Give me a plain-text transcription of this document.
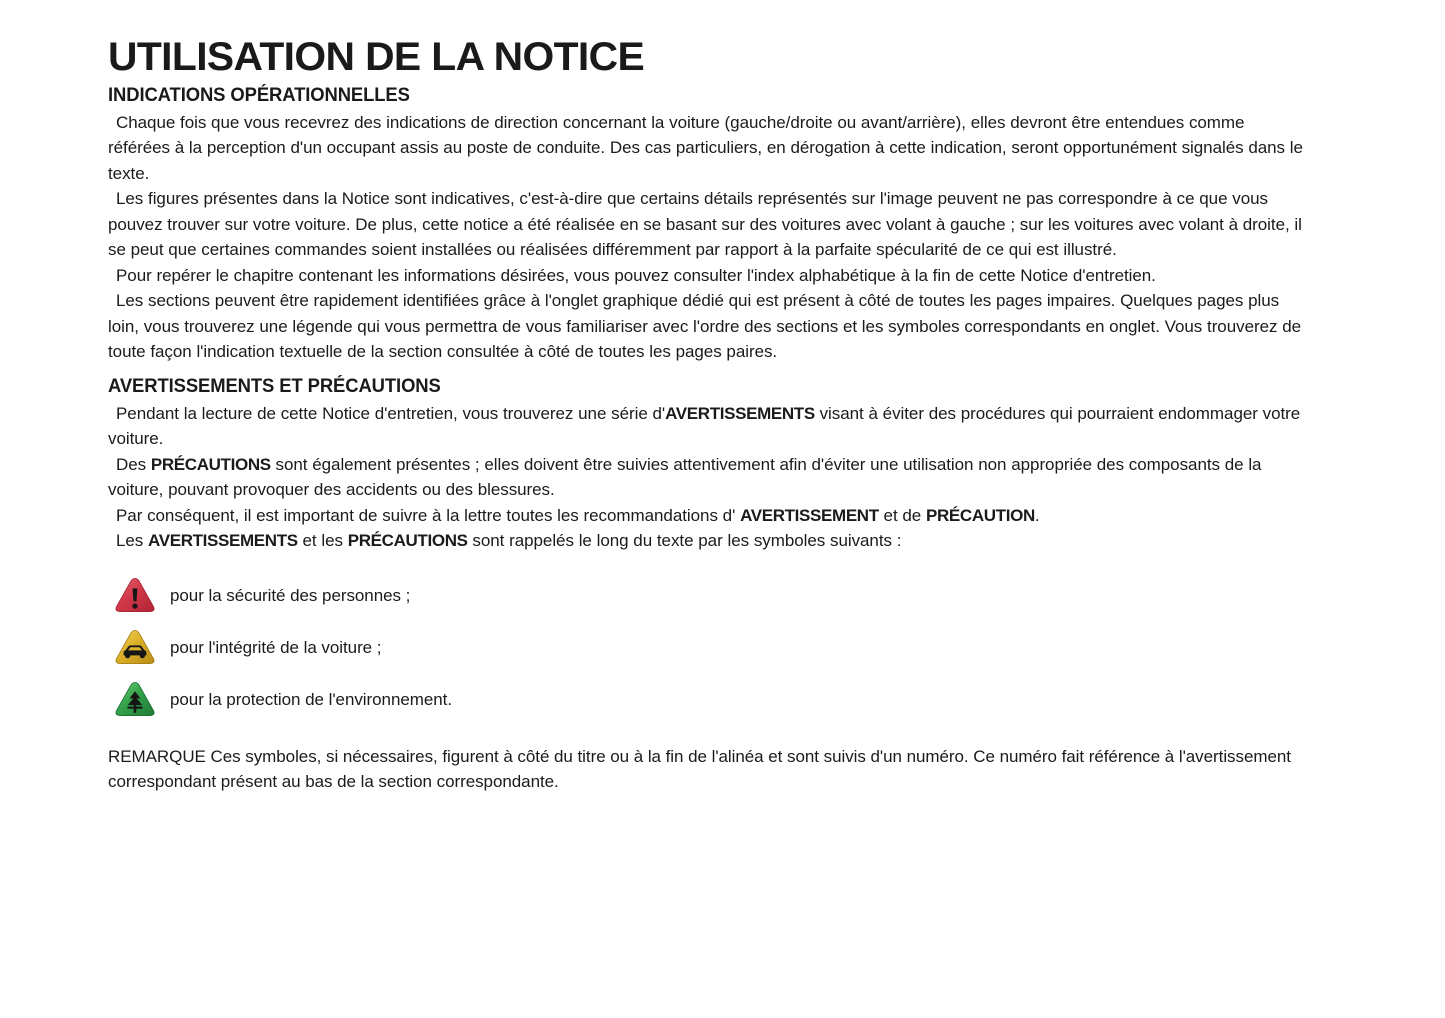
UTILISATION DE LA NOTICE
INDICATIONS OPÉRATIONNELLES

Chaque fois que vous recevrez des indications de direction concernant la voiture (gauche/droite ou avant/arrière), elles devront être entendues comme référées à la perception d'un occupant assis au poste de conduite. Des cas particuliers, en dérogation à cette indication, seront opportunément signalés dans le texte.

Les figures présentes dans la Notice sont indicatives, c'est-à-dire que certains détails représentés sur l'image peuvent ne pas correspondre à ce que vous pouvez trouver sur votre voiture. De plus, cette notice a été réalisée en se basant sur des voitures avec volant à gauche ; sur les voitures avec volant à droite, il se peut que certaines commandes soient installées ou réalisées différemment par rapport à la parfaite spécularité de ce qui est illustré.

Pour repérer le chapitre contenant les informations désirées, vous pouvez consulter l'index alphabétique à la fin de cette Notice d'entretien.

Les sections peuvent être rapidement identifiées grâce à l'onglet graphique dédié qui est présent à côté de toutes les pages impaires. Quelques pages plus loin, vous trouverez une légende qui vous permettra de vous familiariser avec l'ordre des sections et les symboles correspondants en onglet. Vous trouverez de toute façon l'indication textuelle de la section consultée à côté de toutes les pages paires.

AVERTISSEMENTS ET PRÉCAUTIONS

Pendant la lecture de cette Notice d'entretien, vous trouverez une série d'AVERTISSEMENTS visant à éviter des procédures qui pourraient endommager votre voiture.

Des PRÉCAUTIONS sont également présentes ; elles doivent être suivies attentivement afin d'éviter une utilisation non appropriée des composants de la voiture, pouvant provoquer des accidents ou des blessures.

Par conséquent, il est important de suivre à la lettre toutes les recommandations d' AVERTISSEMENT et de PRÉCAUTION.

Les AVERTISSEMENTS et les PRÉCAUTIONS sont rappelés le long du texte par les symboles suivants :

pour la sécurité des personnes ;
pour l'intégrité de la voiture ;
pour la protection de l'environnement.

REMARQUE Ces symboles, si nécessaires, figurent à côté du titre ou à la fin de l'alinéa et sont suivis d'un numéro. Ce numéro fait référence à l'avertissement correspondant présent au bas de la section correspondante.
